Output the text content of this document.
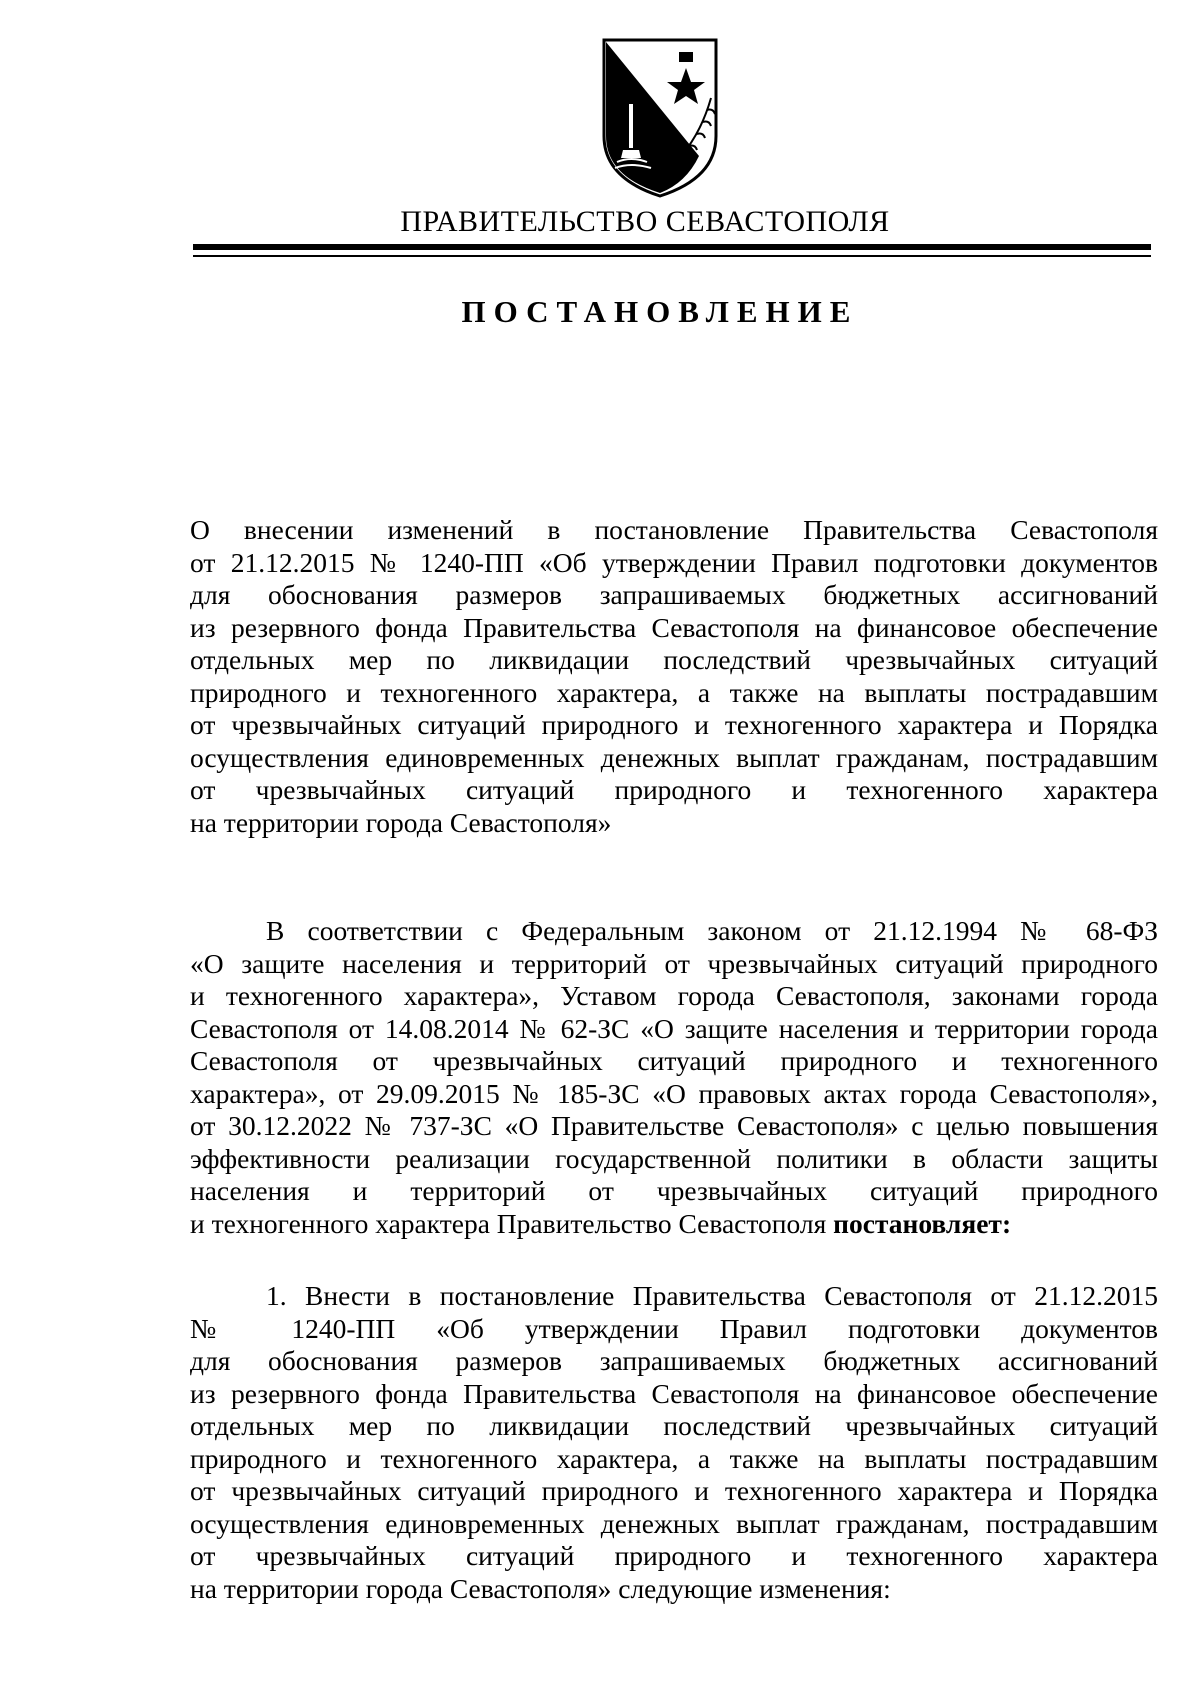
ПРАВИТЕЛЬСТВО СЕВАСТОПОЛЯ
ПОСТАНОВЛЕНИЕ
О внесении изменений в постановление Правительства Севастополя
от 21.12.2015 № 1240-ПП «Об утверждении Правил подготовки документов
для обоснования размеров запрашиваемых бюджетных ассигнований
из резервного фонда Правительства Севастополя на финансовое обеспечение
отдельных мер по ликвидации последствий чрезвычайных ситуаций
природного и техногенного характера, а также на выплаты пострадавшим
от чрезвычайных ситуаций природного и техногенного характера и Порядка
осуществления единовременных денежных выплат гражданам, пострадавшим
от чрезвычайных ситуаций природного и техногенного характера
на территории города Севастополя»
В соответствии с Федеральным законом от 21.12.1994 № 68-ФЗ
«О защите населения и территорий от чрезвычайных ситуаций природного
и техногенного характера», Уставом города Севастополя, законами города
Севастополя от 14.08.2014 № 62-ЗС «О защите населения и территории города
Севастополя от чрезвычайных ситуаций природного и техногенного
характера», от 29.09.2015 № 185-ЗС «О правовых актах города Севастополя»,
от 30.12.2022 № 737-ЗС «О Правительстве Севастополя» с целью повышения
эффективности реализации государственной политики в области защиты
населения и территорий от чрезвычайных ситуаций природного
и техногенного характера Правительство Севастополя постановляет:
1. Внести в постановление Правительства Севастополя от 21.12.2015
№ 1240-ПП «Об утверждении Правил подготовки документов
для обоснования размеров запрашиваемых бюджетных ассигнований
из резервного фонда Правительства Севастополя на финансовое обеспечение
отдельных мер по ликвидации последствий чрезвычайных ситуаций
природного и техногенного характера, а также на выплаты пострадавшим
от чрезвычайных ситуаций природного и техногенного характера и Порядка
осуществления единовременных денежных выплат гражданам, пострадавшим
от чрезвычайных ситуаций природного и техногенного характера
на территории города Севастополя» следующие изменения:
